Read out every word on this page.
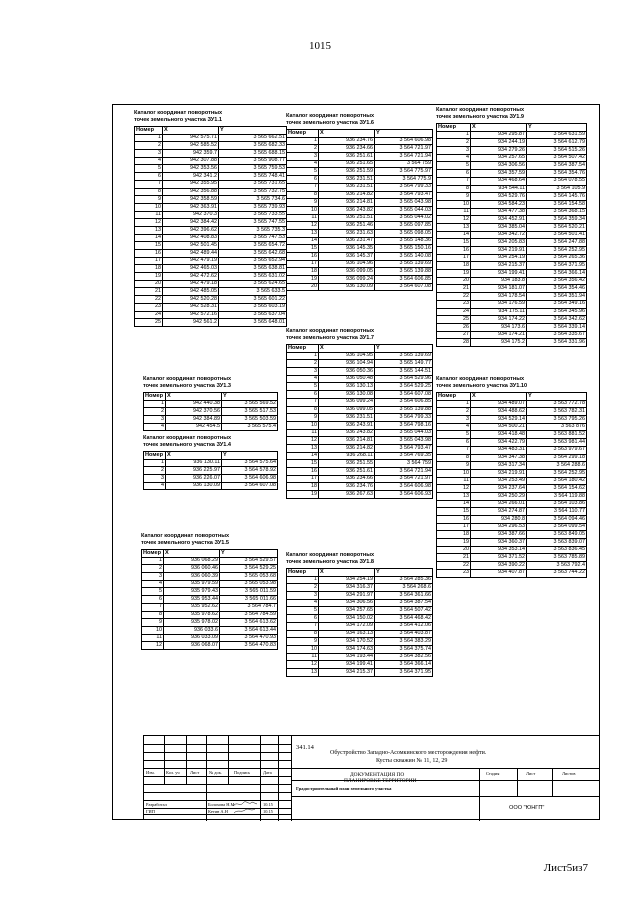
1015
Каталог координат поворотных
точек земельного участка ЗУ1.1
Номер	X	Y
1	942 575.71	3 565 662.51
2	942 585.52	3 565 682.33
3	942 359.7	3 565 688.15
4	942 307.88	3 565 908.77
5	942 353.56	3 565 759.53
6	942 341.2	3 565 748.41
7	942 355.95	3 565 731.65
8	942 356.88	3 565 732.75
9	942 358.59	3 565 734.6
10	942 363.91	3 565 739.93
11	942 370.3	3 565 733.55
12	942 384.42	3 565 747.55
13	942 396.62	3 565 735.3
14	942 408.83	3 565 747.53
15	942 501.45	3 565 654.72
16	942 489.44	3 565 642.68
17	942 479.19	3 565 652.94
18	942 465.03	3 565 638.81
19	942 472.62	3 565 631.02
20	942 479.18	3 565 624.65
21	942 485.05	3 565 633.5
22	942 520.28	3 565 601.22
23	942 528.31	3 565 603.19
24	942 572.16	3 565 637.04
25	942 561.2	3 565 648.01
Каталог координат поворотных
точек земельного участка ЗУ1.3
Номер	X	Y
1	942 440.38	3 565 569.52
2	942 370.56	3 565 517.53
3	942 384.89	3 565 503.59
4	942 454.5	3 565 575.4
Каталог координат поворотных
точек земельного участка ЗУ1.4
Номер	X	Y
1	936 130.11	3 564 575.64
2	936 225.97	3 564 578.92
3	936 226.07	3 564 606.98
4	936 130.09	3 564 607.08
Каталог координат поворотных
точек земельного участка ЗУ1.5
Номер	X	Y
1	936 068.29	3 564 529.57
2	936 060.46	3 564 529.25
3	936 060.39	3 565 053.68
4	935 979.59	3 565 053.98
5	935 979.43	3 565 011.59
6	935 953.44	3 565 011.66
7	935 952.62	3 564 784.7
8	935 978.62	3 564 784.59
9	935 978.02	3 564 613.62
10	936 033.6	3 564 613.44
11	936 033.09	3 564 470.93
12	936 068.07	3 564 470.83
Каталог координат поворотных
точек земельного участка ЗУ1.6
Номер	X	Y
1	936 234.76	3 564 606.98
2	936 234.66	3 564 721.97
3	936 251.61	3 564 721.94
4	936 251.65	3 564 759
5	936 251.59	3 564 775.97
6	936 231.51	3 564 775.9
7	936 231.51	3 564 799.33
8	936 214.82	3 564 793.47
9	936 214.81	3 565 043.98
10	936 243.82	3 565 044.03
11	936 251.51	3 565 044.02
12	936 251.46	3 565 097.85
13	936 231.63	3 565 098.05
14	936 231.47	3 565 148.36
15	936 145.35	3 565 150.16
16	936 145.37	3 565 140.08
17	936 104.96	3 565 139.69
18	936 099.05	3 565 139.88
19	936 099.24	3 564 606.85
20	936 130.09	3 564 607.08
Каталог координат поворотных
точек земельного участка ЗУ1.7
Номер	X	Y
1	936 104.95	3 565 139.69
2	936 104.94	3 565 149.77
3	936 050.36	3 565 144.51
4	936 050.48	3 564 529.96
5	936 130.13	3 564 529.25
6	936 130.08	3 564 607.08
7	936 099.24	3 564 606.85
8	936 099.05	3 565 139.88
9	936 231.51	3 564 799.33
10	936 243.91	3 564 798.16
11	936 243.82	3 565 044.03
12	936 214.81	3 565 043.98
13	936 214.82	3 564 793.47
14	936 268.11	3 564 769.35
15	936 251.55	3 564 759
16	936 251.61	3 564 721.94
17	936 234.66	3 564 721.97
18	936 234.76	3 564 606.98
19	936 267.63	3 564 606.93
Каталог координат поворотных
точек земельного участка ЗУ1.8
Номер	X	Y
1	934 254.19	3 564 285.36
2	934 316.37	3 564 268.6
3	934 291.97	3 564 361.66
4	934 306.56	3 564 387.54
5	934 257.65	3 564 507.42
6	934 150.02	3 564 468.42
7	934 172.09	3 564 412.06
8	934 163.13	3 564 403.87
9	934 170.52	3 564 383.29
10	934 174.63	3 564 375.74
11	934 193.44	3 564 382.56
12	934 199.41	3 564 366.14
13	934 215.37	3 564 371.95
Каталог координат поворотных
точек земельного участка ЗУ1.9
Номер	X	Y
1	934 295.87	3 564 631.59
2	934 244.19	3 564 612.79
3	934 279.26	3 564 515.26
4	934 257.65	3 564 507.42
5	934 306.56	3 564 387.54
6	934 357.59	3 564 354.76
7	934 468.64	3 564 078.55
8	934 544.11	3 564 105.9
9	934 529.76	3 564 145.76
10	934 584.23	3 564 154.58
11	934 477.38	3 564 368.15
12	934 452.91	3 564 359.34
13	934 385.04	3 564 520.21
14	934 342.72	3 564 501.41
15	934 205.83	3 564 247.88
16	934 219.91	3 564 252.95
17	934 254.19	3 564 265.36
18	934 215.37	3 564 371.95
19	934 199.41	3 564 366.14
20	934 183.8	3 564 356.42
21	934 181.07	3 564 354.46
22	934 178.54	3 564 351.94
23	934 176.59	3 564 349.16
24	934 175.11	3 564 345.96
25	934 174.22	3 564 342.62
26	934 173.6	3 564 339.14
27	934 174.21	3 564 335.67
28	934 175.2	3 564 331.96
Каталог координат поворотных
точек земельного участка ЗУ1.10
Номер	X	Y
1	934 489.07	3 563 772.78
2	934 488.62	3 563 782.31
3	934 529.14	3 563 795.26
4	934 500.21	3 563 876
5	934 418.48	3 563 881.52
6	934 422.79	3 563 981.44
7	934 483.31	3 563 979.67
8	934 347.38	3 564 299.18
9	934 317.34	3 564 288.6
10	934 219.91	3 564 252.95
11	934 253.49	3 564 180.42
12	934 237.64	3 564 154.62
13	934 250.29	3 564 119.88
14	934 266.01	3 564 103.86
15	934 274.87	3 564 110.77
16	934 280.8	3 564 094.46
17	934 296.53	3 564 099.54
18	934 387.66	3 563 849.05
19	934 360.37	3 563 839.07
20	934 353.14	3 563 836.45
21	934 371.52	3 563 785.89
22	934 390.22	3 563 792.4
23	934 407.87	3 563 744.22
341.14
Обустройство Западно-Асомкинского месторождения нефти.
Кусты скважин № 11, 12, 29
Изм.	Кол. уч Лист № док.	Подпись	Дата	ДОКУМЕНТАЦИЯ ПО
ПЛАНИРОВКЕ ТЕРРИТОРИИ
Стадия	Лист	Листов
Градостроительный план земельного участка
Разработал	Болохова Н.М.	10.15
ГИП	Кетин А.Н	10.15
ООО "ЮНГП"
Лист5из7
